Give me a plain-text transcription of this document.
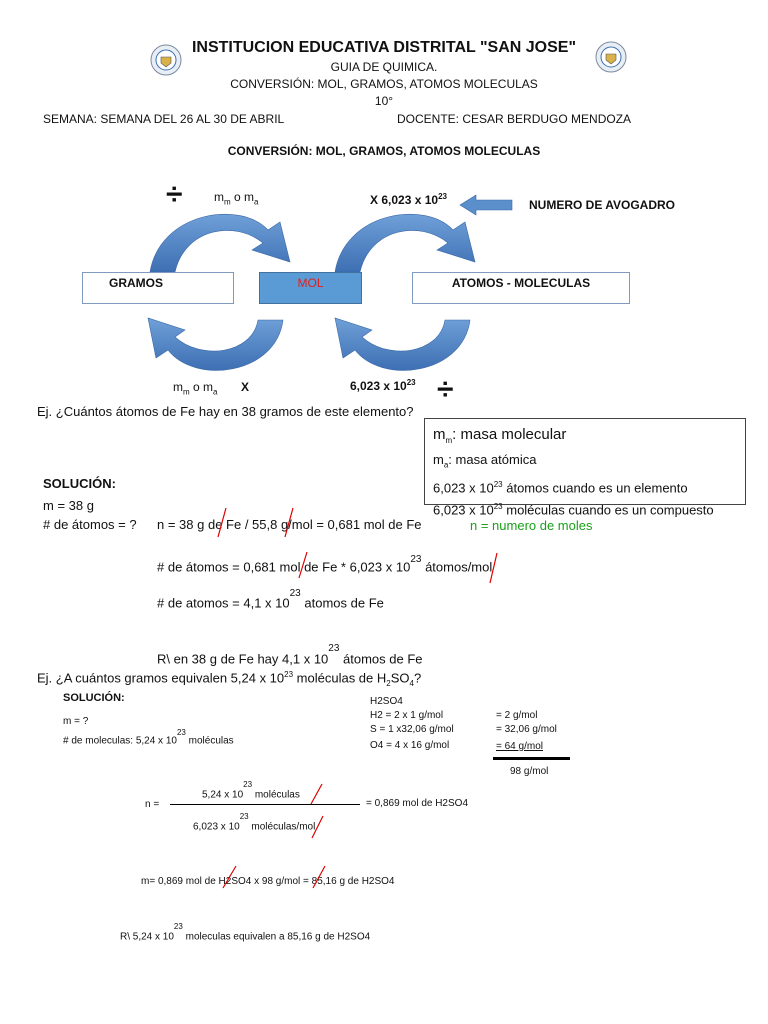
INSTITUCION EDUCATIVA DISTRITAL "SAN JOSE"
GUIA DE QUIMICA.
CONVERSIÓN: MOL, GRAMOS, ATOMOS MOLECULAS
10°
SEMANA: SEMANA DEL 26 AL 30 DE ABRIL	DOCENTE: CESAR BERDUGO MENDOZA
CONVERSIÓN: MOL, GRAMOS, ATOMOS MOLECULAS
÷	$m_m$ o $m_a$	X 6,023 x $10^{23}$
NUMERO DE AVOGADRO
GRAMOS	MOL	ATOMOS - MOLECULAS
$m_m$ o $m_a$ X	6,023 x $10^{23}$ ÷
Ej. ¿Cuántos átomos de Fe hay en 38 gramos de este elemento?
$m_m$: masa molecular
$m_a$: masa atómica
6,023 x $10^{23}$ átomos cuando es un elemento
6,023 x $10^{23}$ moléculas cuando es un compuesto
SOLUCIÓN:
m = 38 g
# de átomos = ? n = 38 g de Fe / 55,8 g/mol = 0,681 mol de Fe	n = numero de moles
# de átomos = 0,681 mol de Fe * 6,023 x $10^{23}$ átomos/mol
# de atomos = 4,1 x $10^{23}$ atomos de Fe
R\ en 38 g de Fe hay 4,1 x $10^{23}$ átomos de Fe
Ej. ¿A cuántos gramos equivalen 5,24 x $10^{23}$ moléculas de $H_2SO_4$?
SOLUCIÓN:
m = ?
# de moleculas: 5,24 x $10^{23}$ moléculas
H2SO4
H2 = 2 x 1 g/mol	= 2 g/mol
S = 1 x32,06 g/mol	= 32,06 g/mol
O4 = 4 x 16 g/mol	= 64 g/mol
98 g/mol
n =
5,24 x $10^{23}$ moléculas
6,023 x $10^{23}$ moléculas/mol
= 0,869 mol de H2SO4
m= 0,869 mol de H2SO4 x 98 g/mol = 85,16 g de H2SO4
R\ 5,24 x $10^{23}$ moleculas equivalen a 85,16 g de H2SO4
